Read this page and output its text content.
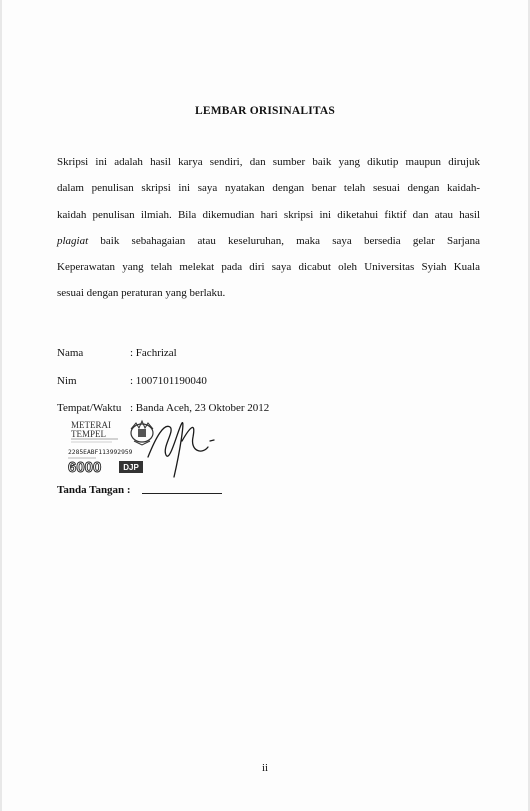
LEMBAR ORISINALITAS
Skripsi ini adalah hasil karya sendiri, dan sumber baik yang dikutip maupun dirujuk
dalam penulisan skripsi ini saya nyatakan dengan benar telah sesuai dengan kaidah-
kaidah penulisan ilmiah. Bila dikemudian hari skripsi ini diketahui fiktif dan atau hasil
plagiat baik sebahagaian atau keseluruhan, maka saya bersedia gelar Sarjana
Keperawatan yang telah melekat pada diri saya dicabut oleh Universitas Syiah Kuala
sesuai dengan peraturan yang berlaku.
Nama	: Fachrizal
Nim	: 1007101190040
Tempat/Waktu : Banda Aceh, 23 Oktober 2012
METERAI
TEMPEL
2285EABF113992959
6000	DJP
Tanda Tangan :
ii
